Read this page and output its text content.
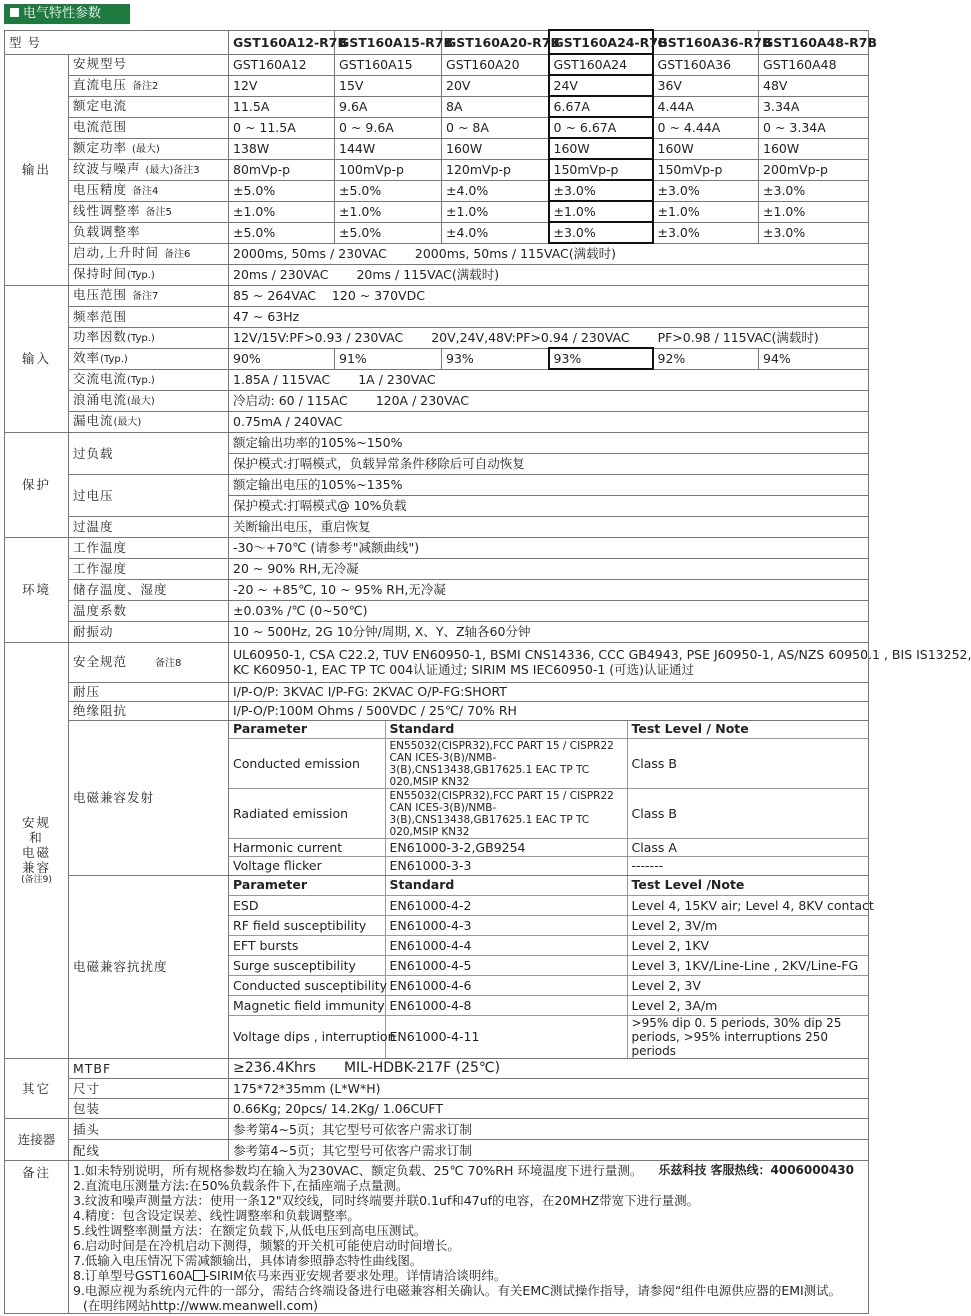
电气特性参数
型号	GST160A12-R7B	GST160A15-R7B	GST160A20-R7B	GST160A24-R7B	GST160A36-R7B	GST160A48-R7B
输出	安规型号	GST160A12	GST160A15	GST160A20	GST160A24	GST160A36	GST160A48
直流电压 备注2	12V	15V	20V	24V	36V	48V
额定电流	11.5A	9.6A	8A	6.67A	4.44A	3.34A
电流范围	0 ~ 11.5A	0 ~ 9.6A	0 ~ 8A	0 ~ 6.67A	0 ~ 4.44A	0 ~ 3.34A
额定功率 (最大)	138W	144W	160W	160W	160W	160W
纹波与噪声 (最大)备注3	80mVp-p	100mVp-p	120mVp-p	150mVp-p	150mVp-p	200mVp-p
电压精度 备注4	±5.0%	±5.0%	±4.0%	±3.0%	±3.0%	±3.0%
线性调整率 备注5	±1.0%	±1.0%	±1.0%	±1.0%	±1.0%	±1.0%
负载调整率	±5.0%	±5.0%	±4.0%	±3.0%	±3.0%	±3.0%
启动,上升时间 备注6	2000ms, 50ms / 230VAC 2000ms, 50ms / 115VAC(满载时)
保持时间(Typ.)	20ms / 230VAC 20ms / 115VAC(满载时)
输入	电压范围 备注7	85 ~ 264VAC 120 ~ 370VDC
频率范围	47 ~ 63Hz
功率因数(Typ.)	12V/15V:PF>0.93 / 230VAC 20V,24V,48V:PF>0.94 / 230VAC PF>0.98 / 115VAC(满载时)
效率(Typ.)	90%	91%	93%	93%	92%	94%
交流电流(Typ.)	1.85A / 115VAC 1A / 230VAC
浪涌电流(最大)	冷启动: 60 / 115AC 120A / 230VAC
漏电流(最大)	0.75mA / 240VAC
保护	过负载	额定输出功率的105%~150%
保护模式:打嗝模式，负载异常条件移除后可自动恢复
过电压	额定输出电压的105%~135%
保护模式:打嗝模式@ 10%负载
过温度	关断输出电压，重启恢复
环境	工作温度	-30〜+70℃ (请参考"减额曲线")
工作湿度	20 ~ 90% RH,无冷凝
储存温度、湿度	-20 ~ +85℃, 10 ~ 95% RH,无冷凝
温度系数	±0.03% /℃ (0~50℃)
耐振动	10 ~ 500Hz, 2G 10分钟/周期, X、Y、Z轴各60分钟

安规
和
电磁
兼容
(备注9)
	安全规范	备注8	
UL60950-1, CSA C22.2, TUV EN60950-1, BSMI CNS14336, CCC GB4943, PSE J60950-1, AS/NZS 60950.1 , BIS IS13252,
KC K60950-1, EAC TP TC 004认证通过; SIRIM MS IEC60950-1 (可选)认证通过

耐压	I/P-O/P: 3KVAC I/P-FG: 2KVAC O/P-FG:SHORT
绝缘阻抗	I/P-O/P:100M Ohms / 500VDC / 25℃/ 70% RH
电磁兼容发射	
Parameter	Standard	Test Level / Note
Conducted emission	EN55032(CISPR32),FCC PART 15 / CISPR22 CAN ICES-3(B)/NMB-3(B),CNS13438,GB17625.1 EAC TP TC 020,MSIP KN32	Class B
Radiated emission	EN55032(CISPR32),FCC PART 15 / CISPR22 CAN ICES-3(B)/NMB-3(B),CNS13438,GB17625.1 EAC TP TC 020,MSIP KN32	Class B
Harmonic current	EN61000-3-2,GB9254	Class A
Voltage flicker	EN61000-3-3	-------

电磁兼容抗扰度	
Parameter	Standard	Test Level /Note
ESD	EN61000-4-2	Level 4, 15KV air; Level 4, 8KV contact
RF field susceptibility	EN61000-4-3	Level 2, 3V/m
EFT bursts	EN61000-4-4	Level 2, 1KV
Surge susceptibility	EN61000-4-5	Level 3, 1KV/Line-Line , 2KV/Line-FG
Conducted susceptibility	EN61000-4-6	Level 2, 3V
Magnetic field immunity	EN61000-4-8	Level 2, 3A/m
Voltage dips , interruption	EN61000-4-11	>95% dip 0. 5 periods, 30% dip 25 periods, >95% interruptions 250 periods

其它	MTBF	≥236.4Khrs MIL-HDBK-217F (25℃)
尺寸	175*72*35mm (L*W*H)
包装	0.66Kg; 20pcs/ 14.2Kg/ 1.06CUFT
连接器	插头	参考第4~5页；其它型号可依客户需求订制
配线	参考第4~5页；其它型号可依客户需求订制
备注	乐兹科技 客服热线：4006000430
1.如未特别说明，所有规格参数均在输入为230VAC、额定负载、25℃ 70%RH 环境温度下进行量测。
2.直流电压测量方法:在50%负载条件下,在插座端子点量测。
3.纹波和噪声测量方法：使用一条12"双绞线，同时终端要并联0.1uf和47uf的电容，在20MHZ带宽下进行量测。
4.精度：包含设定误差、线性调整率和负载调整率。
5.线性调整率测量方法：在额定负载下,从低电压到高电压测试。
6.启动时间是在冷机启动下测得，频繁的开关机可能使启动时间增长。
7.低输入电压情况下需减额输出，具体请参照静态特性曲线图。
8.订单型号GST160A -SIRIM依马来西亚安规者要求处理。详情请洽谈明纬。
9.电源应视为系统内元件的一部分，需结合终端设备进行电磁兼容相关确认。有关EMC测试操作指导，请参阅“组件电源供应器的EMI测试。
(在明纬网站http://www.meanwell.com)
